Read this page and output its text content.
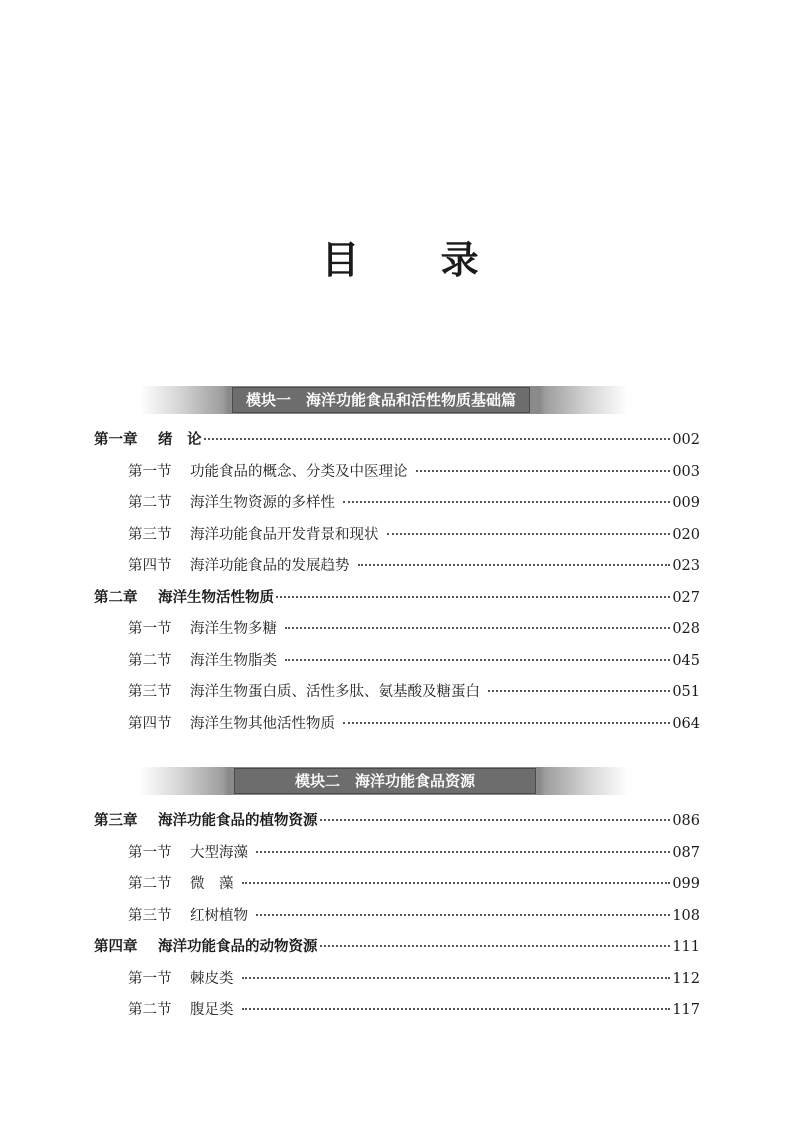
目 录
模块一　海洋功能食品和活性物质基础篇
模块二　海洋功能食品资源
第一章	绪　论	002
第一节	功能食品的概念、分类及中医理论	003
第二节	海洋生物资源的多样性	009
第三节	海洋功能食品开发背景和现状	020
第四节	海洋功能食品的发展趋势	023
第二章	海洋生物活性物质	027
第一节	海洋生物多糖	028
第二节	海洋生物脂类	045
第三节	海洋生物蛋白质、活性多肽、氨基酸及糖蛋白	051
第四节	海洋生物其他活性物质	064
第三章	海洋功能食品的植物资源	086
第一节	大型海藻	087
第二节	微　藻	099
第三节	红树植物	108
第四章	海洋功能食品的动物资源	111
第一节	棘皮类	112
第二节	腹足类	117
